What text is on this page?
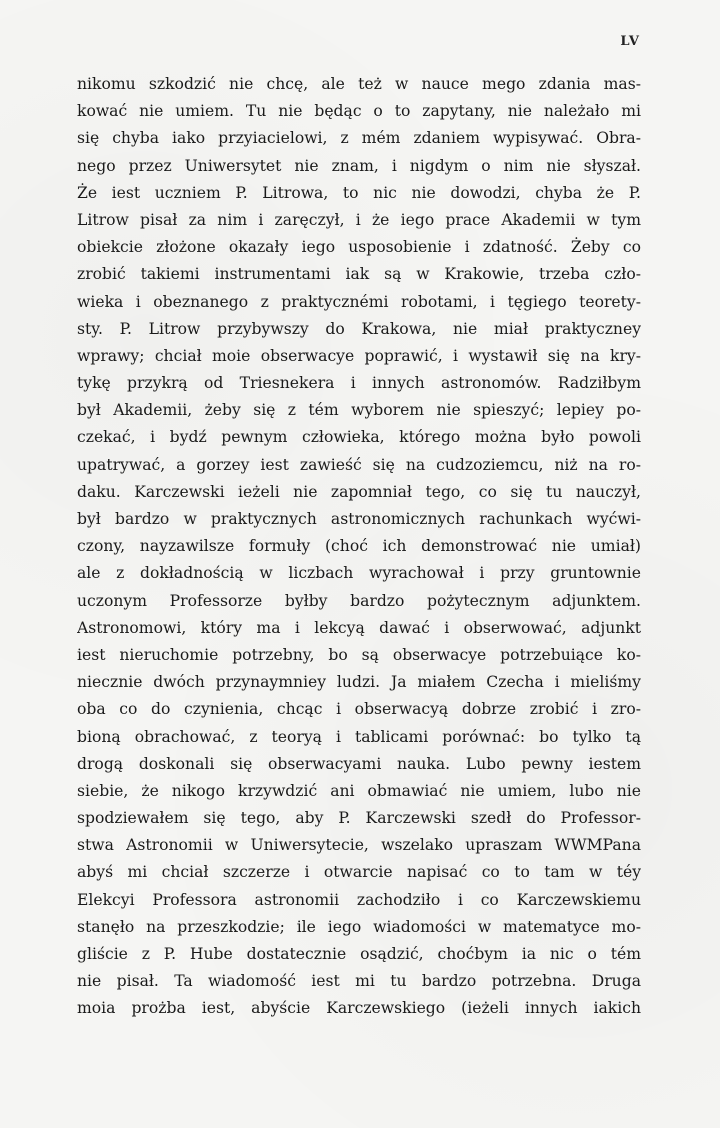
LV
nikomu szkodzić nie chcę, ale też w nauce mego zdania mas-
kować nie umiem. Tu nie będąc o to zapytany, nie należało mi
się chyba iako przyiacielowi, z mém zdaniem wypisywać. Obra-
nego przez Uniwersytet nie znam, i nigdym o nim nie słyszał.
Że iest uczniem P. Litrowa, to nic nie dowodzi, chyba że P.
Litrow pisał za nim i zaręczył, i że iego prace Akademii w tym
obiekcie złożone okazały iego usposobienie i zdatność. Żeby co
zrobić takiemi instrumentami iak są w Krakowie, trzeba czło-
wieka i obeznanego z praktycznémi robotami, i tęgiego teorety-
sty. P. Litrow przybywszy do Krakowa, nie miał praktyczney
wprawy; chciał moie obserwacye poprawić, i wystawił się na kry-
tykę przykrą od Triesnekera i innych astronomów. Radziłbym
był Akademii, żeby się z tém wyborem nie spieszyć; lepiey po-
czekać, i bydź pewnym człowieka, którego można było powoli
upatrywać, a gorzey iest zawieść się na cudzoziemcu, niż na ro-
daku. Karczewski ieżeli nie zapomniał tego, co się tu nauczył,
był bardzo w praktycznych astronomicznych rachunkach wyćwi-
czony, nayzawilsze formuły (choć ich demonstrować nie umiał)
ale z dokładnością w liczbach wyrachował i przy gruntownie
uczonym Professorze byłby bardzo pożytecznym adjunktem.
Astronomowi, który ma i lekcyą dawać i obserwować, adjunkt
iest nieruchomie potrzebny, bo są obserwacye potrzebuiące ko-
niecznie dwóch przynaymniey ludzi. Ja miałem Czecha i mieliśmy
oba co do czynienia, chcąc i obserwacyą dobrze zrobić i zro-
bioną obrachować, z teoryą i tablicami porównać: bo tylko tą
drogą doskonali się obserwacyami nauka. Lubo pewny iestem
siebie, że nikogo krzywdzić ani obmawiać nie umiem, lubo nie
spodziewałem się tego, aby P. Karczewski szedł do Professor-
stwa Astronomii w Uniwersytecie, wszelako upraszam WWMPana
abyś mi chciał szczerze i otwarcie napisać co to tam w téy
Elekcyi Professora astronomii zachodziło i co Karczewskiemu
stanęło na przeszkodzie; ile iego wiadomości w matematyce mo-
gliście z P. Hube dostatecznie osądzić, choćbym ia nic o tém
nie pisał. Ta wiadomość iest mi tu bardzo potrzebna. Druga
moia prożba iest, abyście Karczewskiego (ieżeli innych iakich
